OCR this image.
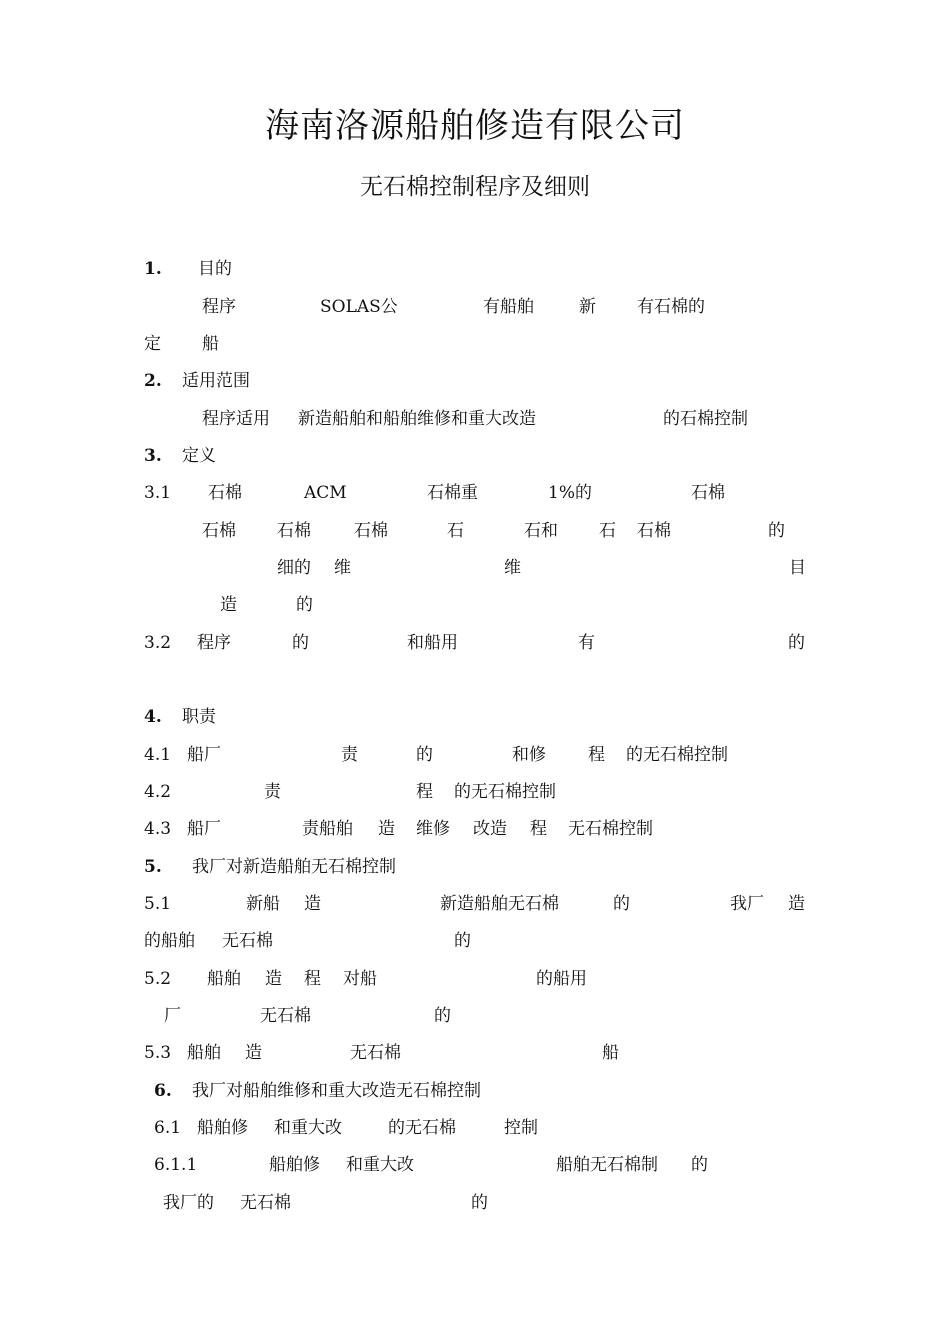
海南洛源船舶修造有限公司
无石棉控制程序及细则
1. 目的
程序	SOLAS公	有船舶	新 有石棉的
定 船
2. 适用范围
程序适用 新造船舶和船舶维修和重大改造	的石棉控制
3. 定义
3.1 石棉	ACM	石棉重	1%的	石棉
石棉 石棉	石棉	石	石和 石 石棉	的
细的 维	维	目
造	的
3.2 程序	的	和船用	有	的
4. 职责
4.1 船厂	责	的	和修 程 的无石棉控制
4.2	责	程 的无石棉控制
4.3 船厂	责船舶 造 维修 改造 程 无石棉控制
5. 我厂对新造船舶无石棉控制
5.1	新船 造	新造船舶无石棉	的	我厂 造
的船舶 无石棉	的
5.2 船舶 造 程 对船	的船用
厂	无石棉	的
5.3 船舶 造	无石棉	船
6. 我厂对船舶维修和重大改造无石棉控制
6.1 船舶修 和重大改	的无石棉	控制
6.1.1	船舶修 和重大改	船舶无石棉制 的
我厂的 无石棉	的
